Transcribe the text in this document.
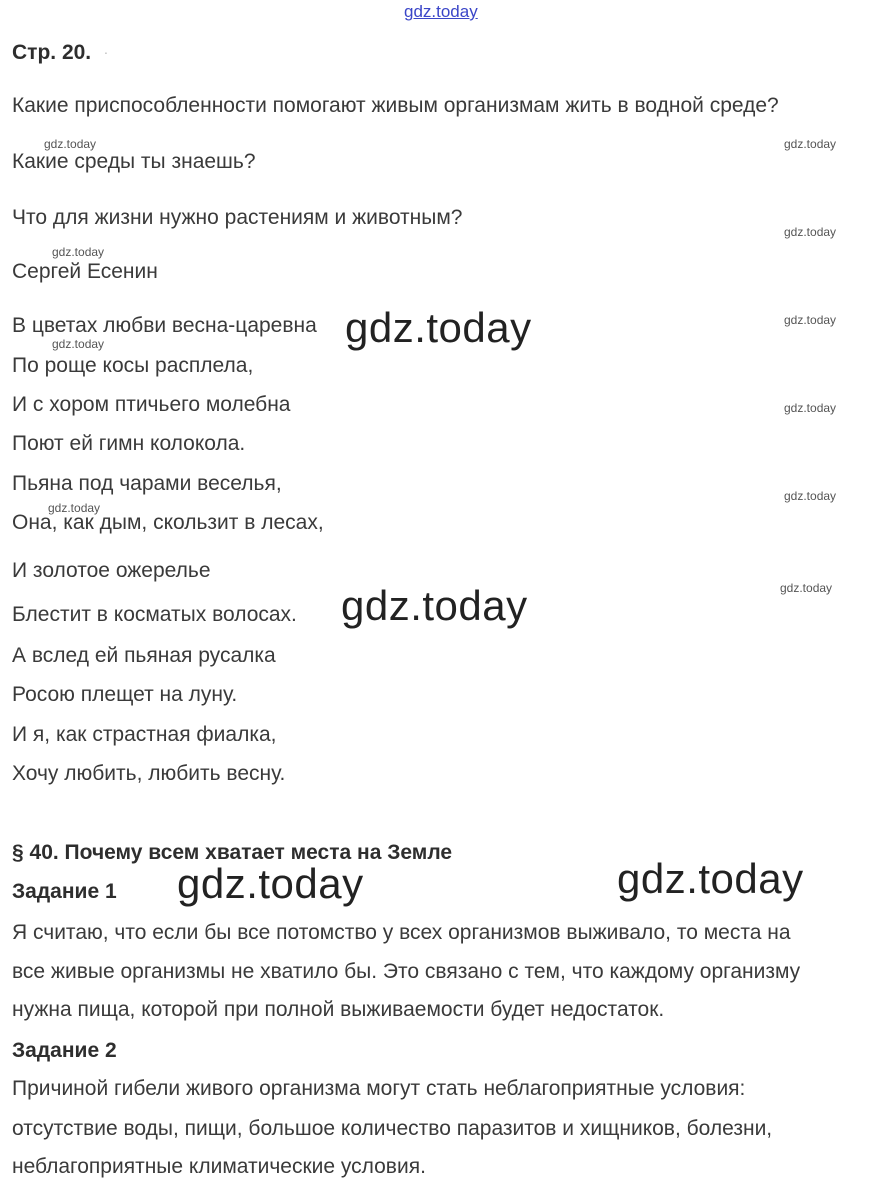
gdz.today
Стр. 20. .
Какие приспособленности помогают живым организмам жить в водной среде?
Какие среды ты знаешь?
Что для жизни нужно растениям и животным?
Сергей Есенин
В цветах любви весна-царевна
По роще косы расплела,
И с хором птичьего молебна
Поют ей гимн колокола.
Пьяна под чарами веселья,
Она, как дым, скользит в лесах,
И золотое ожерелье
Блестит в косматых волосах.
А вслед ей пьяная русалка
Росою плещет на луну.
И я, как страстная фиалка,
Хочу любить, любить весну.
§ 40. Почему всем хватает места на Земле
Задание 1
Я считаю, что если бы все потомство у всех организмов выживало, то места на
все живые организмы не хватило бы. Это связано с тем, что каждому организму
нужна пища, которой при полной выживаемости будет недостаток.
Задание 2
Причиной гибели живого организма могут стать неблагоприятные условия:
отсутствие воды, пищи, большое количество паразитов и хищников, болезни,
неблагоприятные климатические условия.
gdz.today	gdz.today
gdz.today
gdz.today
gdz.today
gdz.today
gdz.today
gdz.today
gdz.today
gdz.today
gdz.today
gdz.today
gdz.today	gdz.today
